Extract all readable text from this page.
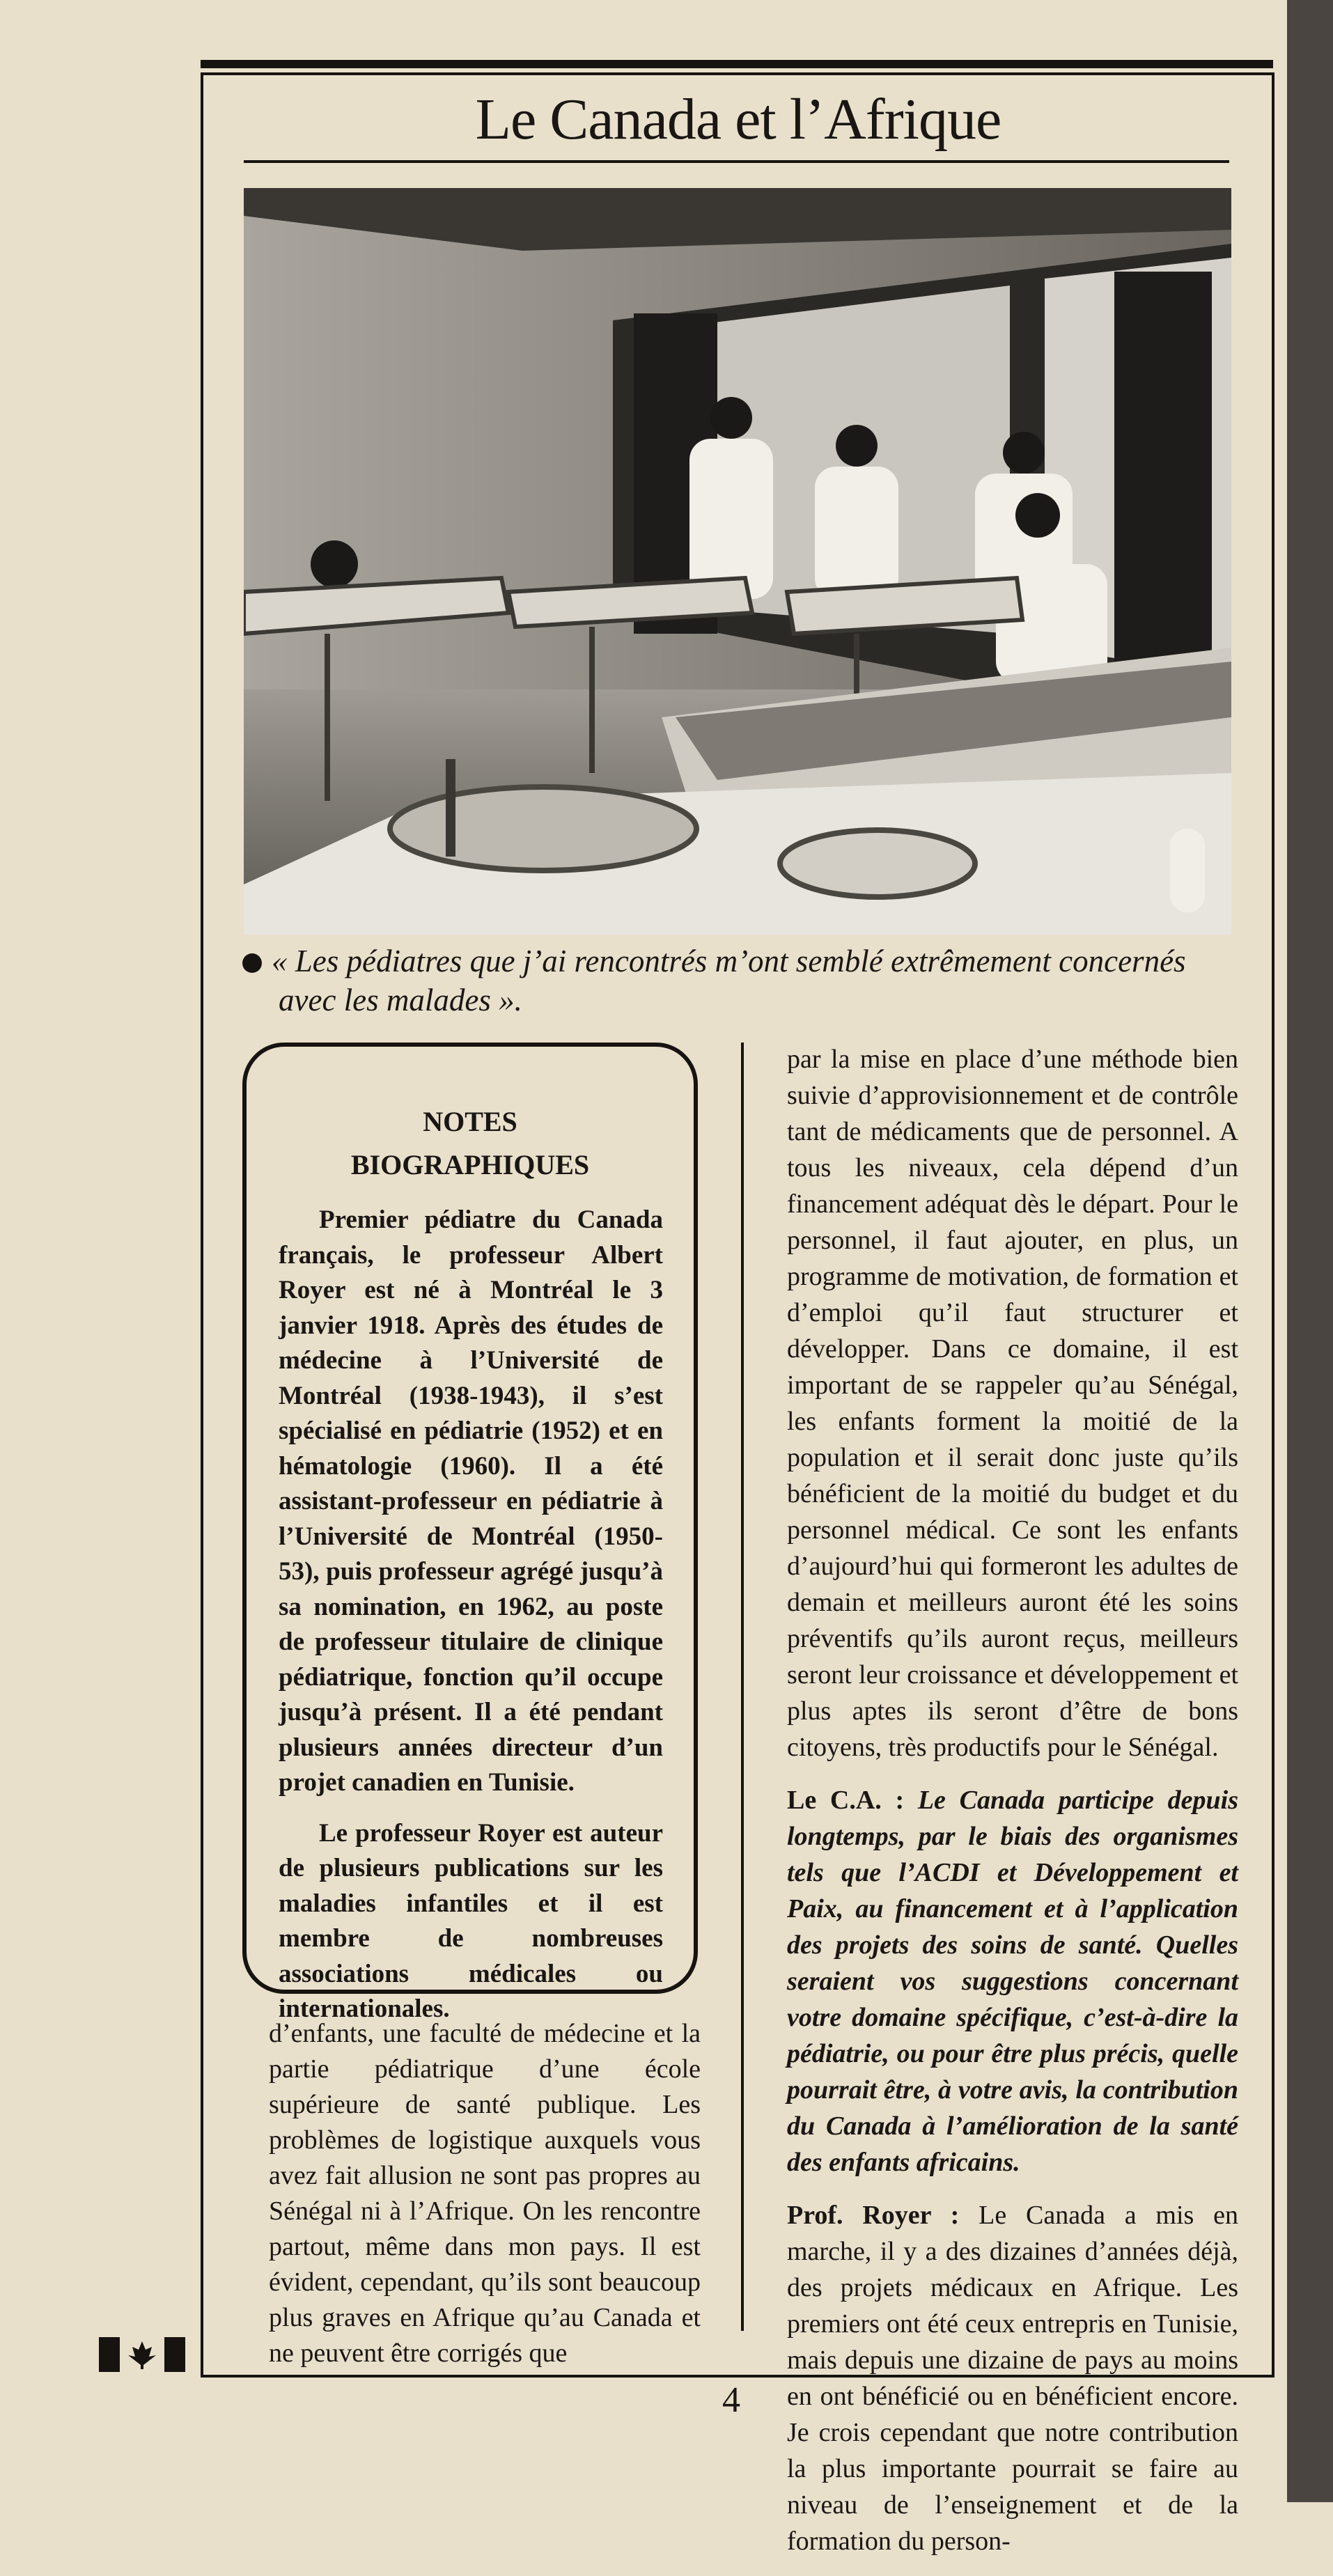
Le Canada et l’Afrique
« Les pédiatres que j’ai rencontrés m’ont semblé extrêmement concernés
avec les malades ».
NOTES
BIOGRAPHIQUES

Premier pédiatre du Canada français, le professeur Albert Royer est né à Montréal le 3 janvier 1918. Après des études de médecine à l’Université de Montréal (1938-1943), il s’est spécialisé en pédiatrie (1952) et en hématologie (1960). Il a été assistant-professeur en pédiatrie à l’Université de Montréal (1950-53), puis professeur agrégé jusqu’à sa nomination, en 1962, au poste de professeur titulaire de clinique pédiatrique, fonction qu’il occupe jusqu’à présent. Il a été pendant plusieurs années directeur d’un projet canadien en Tunisie.

Le professeur Royer est auteur de plusieurs publications sur les maladies infantiles et il est membre de nombreuses associations médicales ou internationales.

d’enfants, une faculté de médecine et la partie pédiatrique d’une école supérieure de santé publique. Les problèmes de logistique auxquels vous avez fait allusion ne sont pas propres au Sénégal ni à l’Afrique. On les rencontre partout, même dans mon pays. Il est évident, cependant, qu’ils sont beaucoup plus graves en Afrique qu’au Canada et ne peuvent être corrigés que

par la mise en place d’une méthode bien suivie d’approvisionnement et de contrôle tant de médicaments que de personnel. A tous les niveaux, cela dépend d’un financement adéquat dès le départ. Pour le personnel, il faut ajouter, en plus, un programme de motivation, de formation et d’emploi qu’il faut structurer et développer. Dans ce domaine, il est important de se rappeler qu’au Sénégal, les enfants forment la moitié de la population et il serait donc juste qu’ils bénéficient de la moitié du budget et du personnel médical. Ce sont les enfants d’aujourd’hui qui formeront les adultes de demain et meilleurs auront été les soins préventifs qu’ils auront reçus, meilleurs seront leur croissance et développement et plus aptes ils seront d’être de bons citoyens, très productifs pour le Sénégal.

Le C.A. : Le Canada participe depuis longtemps, par le biais des organismes tels que l’ACDI et Développement et Paix, au financement et à l’application des projets des soins de santé. Quelles seraient vos suggestions concernant votre domaine spécifique, c’est-à-dire la pédiatrie, ou pour être plus précis, quelle pourrait être, à votre avis, la contribution du Canada à l’amélioration de la santé des enfants africains.

Prof. Royer : Le Canada a mis en marche, il y a des dizaines d’années déjà, des projets médicaux en Afrique. Les premiers ont été ceux entrepris en Tunisie, mais depuis une dizaine de pays au moins en ont bénéficié ou en bénéficient encore. Je crois cependant que notre contribution la plus importante pourrait se faire au niveau de l’enseignement et de la formation du person-

4
